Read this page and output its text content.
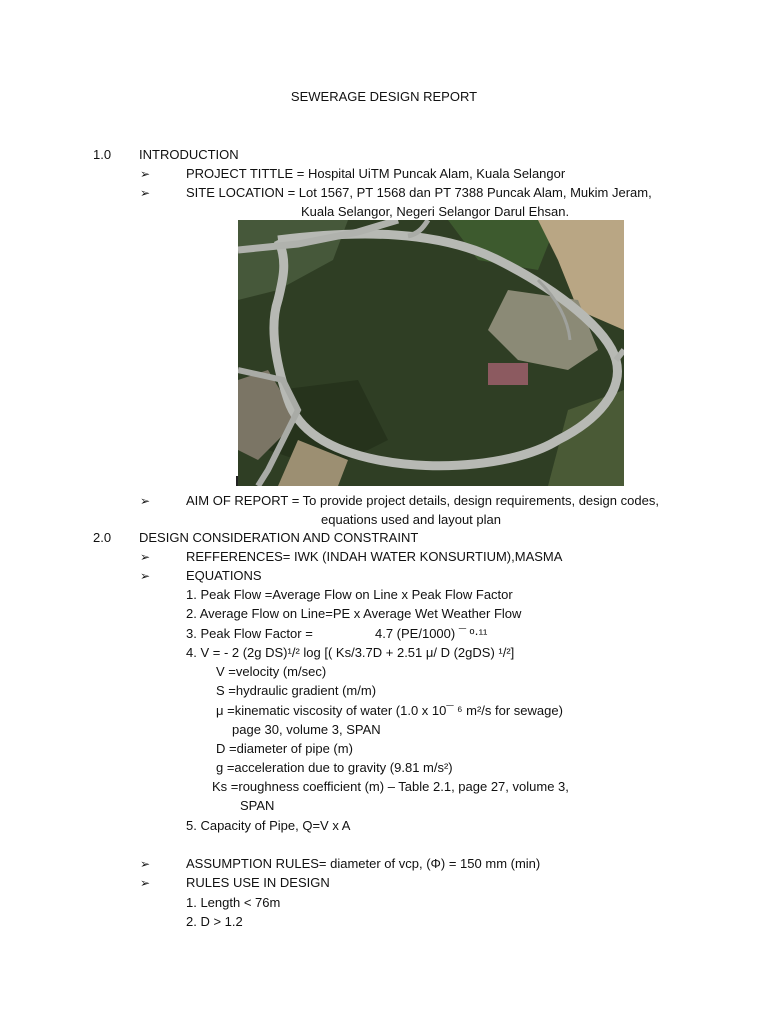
SEWERAGE DESIGN REPORT
1.0 INTRODUCTION
➢	PROJECT TITTLE = Hospital UiTM Puncak Alam, Kuala Selangor
➢	SITE LOCATION = Lot 1567, PT 1568 dan PT 7388 Puncak Alam, Mukim Jeram,
Kuala Selangor, Negeri Selangor Darul Ehsan.
➢	AIM OF REPORT = To provide project details, design requirements, design codes,
equations used and layout plan
2.0 DESIGN CONSIDERATION AND CONSTRAINT
➢	REFFERENCES= IWK (INDAH WATER KONSURTIUM),MASMA
➢	EQUATIONS
1. Peak Flow =Average Flow on Line x Peak Flow Factor
2. Average Flow on Line=PE x Average Wet Weather Flow
3. Peak Flow Factor =	4.7 (PE/1000) ¯ º·¹¹
4. V = - 2 (2g DS)¹/² log [( Ks/3.7D + 2.51 μ/ D (2gDS) ¹/²]
V =velocity (m/sec)
S =hydraulic gradient (m/m)
μ =kinematic viscosity of water (1.0 x 10¯ ⁶ m²/s for sewage)
page 30, volume 3, SPAN
D =diameter of pipe (m)
g =acceleration due to gravity (9.81 m/s²)
Ks =roughness coefficient (m) – Table 2.1, page 27, volume 3,
SPAN
5. Capacity of Pipe, Q=V x A
➢	ASSUMPTION RULES= diameter of vcp, (Φ) = 150 mm (min)
➢	RULES USE IN DESIGN
1. Length < 76m
2. D > 1.2
